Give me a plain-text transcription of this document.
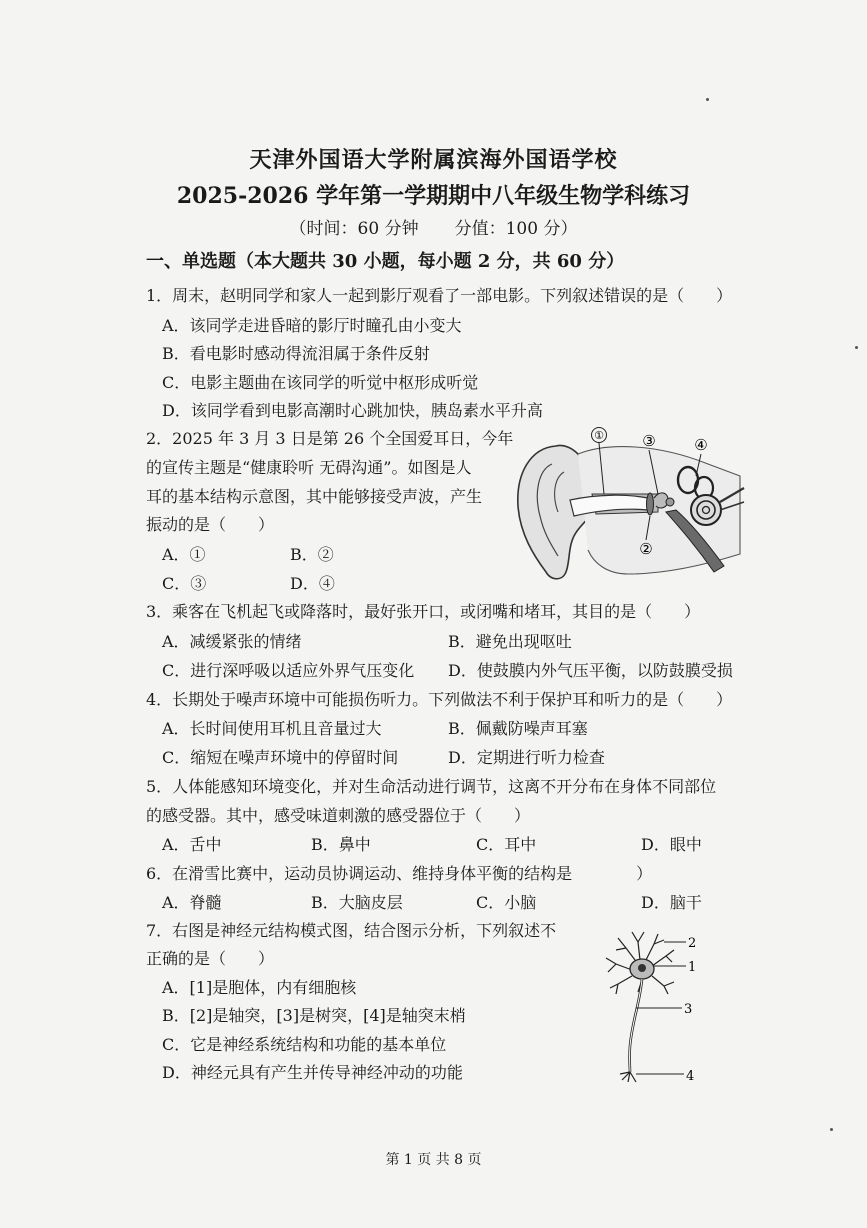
天津外国语大学附属滨海外国语学校
2025-2026 学年第一学期期中八年级生物学科练习
（时间：60 分钟 分值：100 分）
一、单选题（本大题共 30 小题，每小题 2 分，共 60 分）
1．周末，赵明同学和家人一起到影厅观看了一部电影。下列叙述错误的是（　　）
A．该同学走进昏暗的影厅时瞳孔由小变大
B．看电影时感动得流泪属于条件反射
C．电影主题曲在该同学的听觉中枢形成听觉
D．该同学看到电影高潮时心跳加快，胰岛素水平升高
2．2025 年 3 月 3 日是第 26 个全国爱耳日，今年
的宣传主题是“健康聆听 无碍沟通”。如图是人
耳的基本结构示意图，其中能够接受声波，产生
振动的是（　　）
A．①	B．②
C．③	D．④
①	③	④
②
3．乘客在飞机起飞或降落时，最好张开口，或闭嘴和堵耳，其目的是（　　）
A．减缓紧张的情绪	B．避免出现呕吐
C．进行深呼吸以适应外界气压变化 D．使鼓膜内外气压平衡，以防鼓膜受损
4．长期处于噪声环境中可能损伤听力。下列做法不利于保护耳和听力的是（　　）
A．长时间使用耳机且音量过大	B．佩戴防噪声耳塞
C．缩短在噪声环境中的停留时间	D．定期进行听力检查
5．人体能感知环境变化，并对生命活动进行调节，这离不开分布在身体不同部位
的感受器。其中，感受味道刺激的感受器位于（　　）
A．舌中	B．鼻中	C．耳中	D．眼中
6．在滑雪比赛中，运动员协调运动、维持身体平衡的结构是　　　　）
A．脊髓	B．大脑皮层	C．小脑	D．脑干
7．右图是神经元结构模式图，结合图示分析，下列叙述不
正确的是（　　）
A．[1]是胞体，内有细胞核
B．[2]是轴突，[3]是树突，[4]是轴突末梢
C．它是神经系统结构和功能的基本单位
D．神经元具有产生并传导神经冲动的功能
2
1
3
4
第 1 页 共 8 页
